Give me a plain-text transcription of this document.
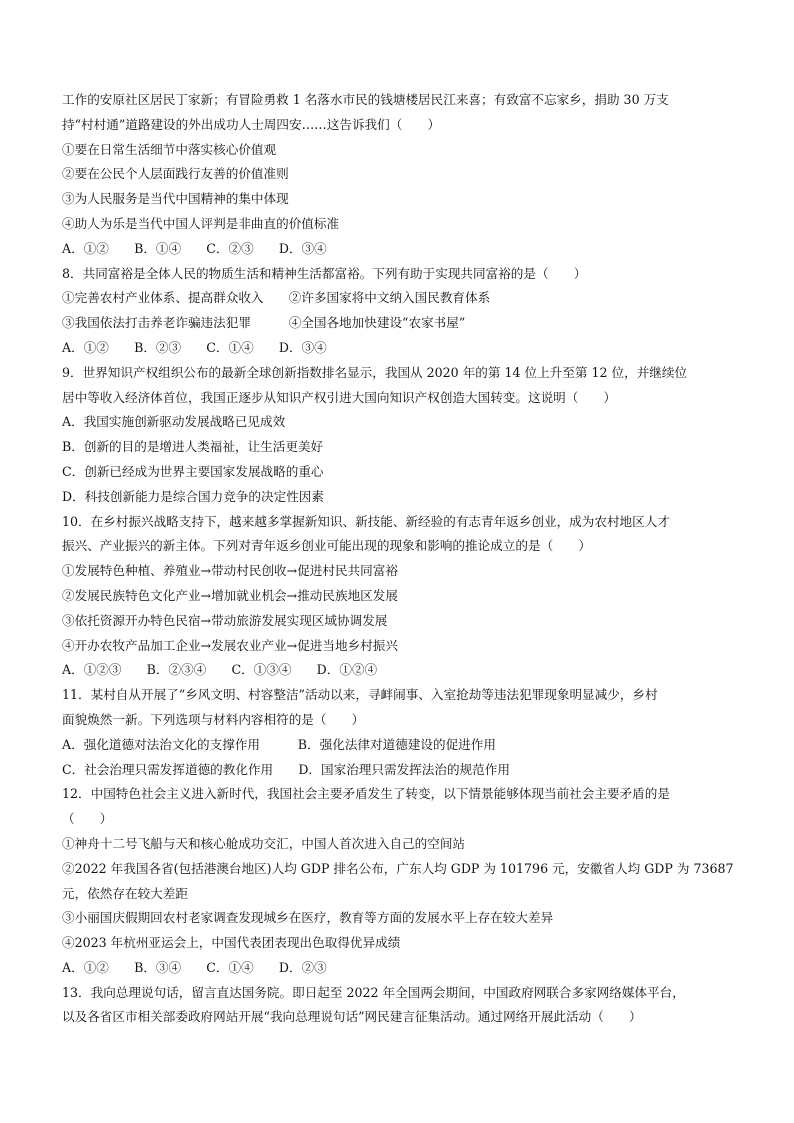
工作的安原社区居民丁家新；有冒险勇救 1 名落水市民的钱塘楼居民江来喜；有致富不忘家乡，捐助 30 万支
持“村村通”道路建设的外出成功人士周四安……这告诉我们（　　）
①要在日常生活细节中落实核心价值观
②要在公民个人层面践行友善的价值准则
③为人民服务是当代中国精神的集中体现
④助人为乐是当代中国人评判是非曲直的价值标准
A．①②　　B．①④　　C．②③　　D．③④
8．共同富裕是全体人民的物质生活和精神生活都富裕。下列有助于实现共同富裕的是（　　）
①完善农村产业体系、提高群众收入　　②许多国家将中文纳入国民教育体系
③我国依法打击养老诈骗违法犯罪　　　④全国各地加快建设“农家书屋”
A．①②　　B．②③　　C．①④　　D．③④
9．世界知识产权组织公布的最新全球创新指数排名显示，我国从 2020 年的第 14 位上升至第 12 位，并继续位
居中等收入经济体首位，我国正逐步从知识产权引进大国向知识产权创造大国转变。这说明（　　）
A．我国实施创新驱动发展战略已见成效
B．创新的目的是增进人类福祉，让生活更美好
C．创新已经成为世界主要国家发展战略的重心
D．科技创新能力是综合国力竞争的决定性因素
10．在乡村振兴战略支持下，越来越多掌握新知识、新技能、新经验的有志青年返乡创业，成为农村地区人才
振兴、产业振兴的新主体。下列对青年返乡创业可能出现的现象和影响的推论成立的是（　　）
①发展特色种植、养殖业→带动村民创收→促进村民共同富裕
②发展民族特色文化产业→增加就业机会→推动民族地区发展
③依托资源开办特色民宿→带动旅游发展实现区域协调发展
④开办农牧产品加工企业→发展农业产业→促进当地乡村振兴
A．①②③　　B．②③④　　C．①③④　　D．①②④
11．某村自从开展了“乡风文明、村容整洁”活动以来，寻衅闹事、入室抢劫等违法犯罪现象明显减少，乡村
面貌焕然一新。下列选项与材料内容相符的是（　　）
A．强化道德对法治文化的支撑作用　　　B．强化法律对道德建设的促进作用
C．社会治理只需发挥道德的教化作用　　D．国家治理只需发挥法治的规范作用
12．中国特色社会主义进入新时代，我国社会主要矛盾发生了转变，以下情景能够体现当前社会主要矛盾的是
（　　）
①神舟十二号飞船与天和核心舱成功交汇，中国人首次进入自己的空间站
②2022 年我国各省(包括港澳台地区)人均 GDP 排名公布，广东人均 GDP 为 101796 元，安徽省人均 GDP 为 73687
元，依然存在较大差距
③小丽国庆假期回农村老家调查发现城乡在医疗，教育等方面的发展水平上存在较大差异
④2023 年杭州亚运会上，中国代表团表现出色取得优异成绩
A．①②　　B．③④　　C．①④　　D．②③
13．我向总理说句话，留言直达国务院。即日起至 2022 年全国两会期间，中国政府网联合多家网络媒体平台，
以及各省区市相关部委政府网站开展“我向总理说句话”网民建言征集活动。通过网络开展此活动（　　）
